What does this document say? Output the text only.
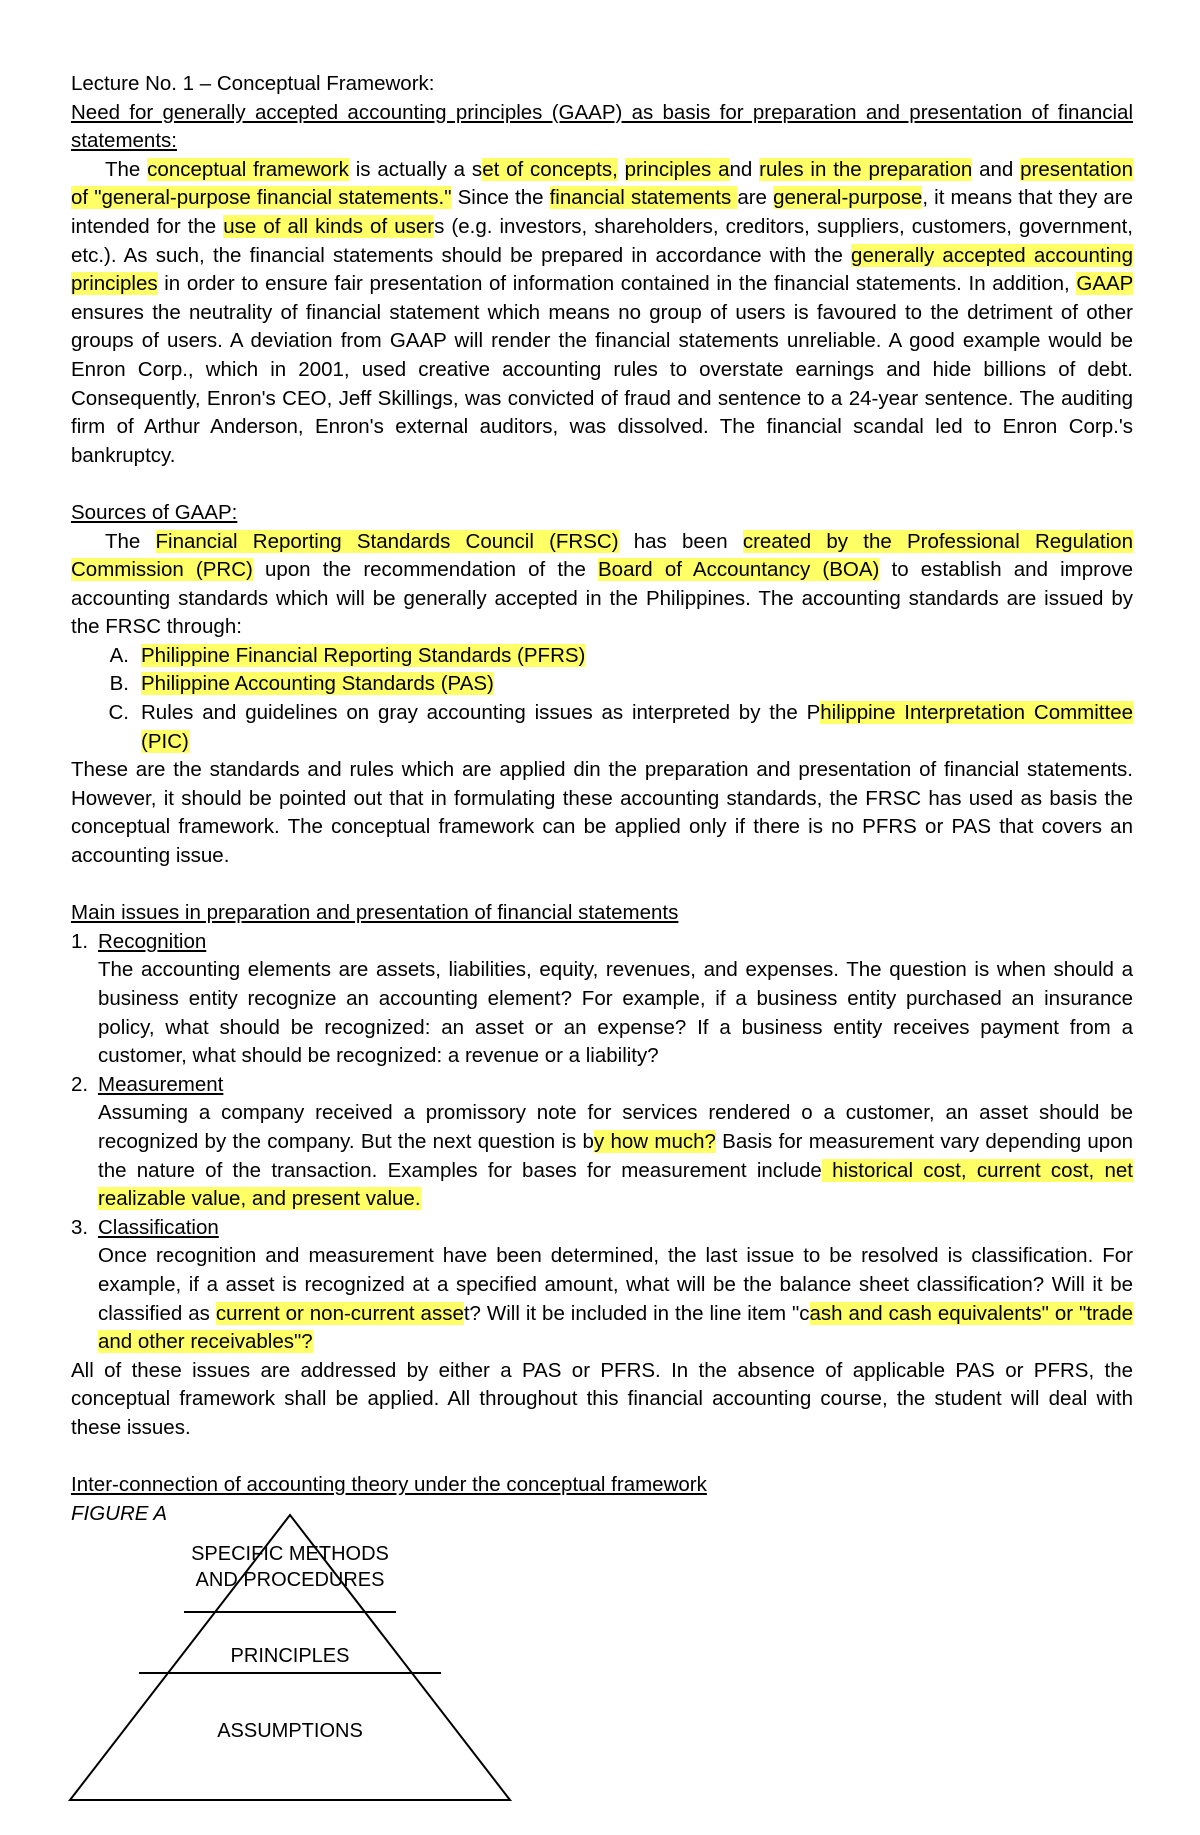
Lecture No. 1 – Conceptual Framework:

Need for generally accepted accounting principles (GAAP) as basis for preparation and presentation of financial statements:

The conceptual framework is actually a set of concepts, principles and rules in the preparation and presentation of "general-purpose financial statements." Since the financial statements are general-purpose, it means that they are intended for the use of all kinds of users (e.g. investors, shareholders, creditors, suppliers, customers, government, etc.). As such, the financial statements should be prepared in accordance with the generally accepted accounting principles in order to ensure fair presentation of information contained in the financial statements. In addition, GAAP ensures the neutrality of financial statement which means no group of users is favoured to the detriment of other groups of users. A deviation from GAAP will render the financial statements unreliable. A good example would be Enron Corp., which in 2001, used creative accounting rules to overstate earnings and hide billions of debt. Consequently, Enron's CEO, Jeff Skillings, was convicted of fraud and sentence to a 24-year sentence. The auditing firm of Arthur Anderson, Enron's external auditors, was dissolved. The financial scandal led to Enron Corp.'s bankruptcy.

Sources of GAAP:

The Financial Reporting Standards Council (FRSC) has been created by the Professional Regulation Commission (PRC) upon the recommendation of the Board of Accountancy (BOA) to establish and improve accounting standards which will be generally accepted in the Philippines. The accounting standards are issued by the FRSC through:

A. Philippine Financial Reporting Standards (PFRS)
B. Philippine Accounting Standards (PAS)
C. Rules and guidelines on gray accounting issues as interpreted by the Philippine Interpretation Committee (PIC)

These are the standards and rules which are applied din the preparation and presentation of financial statements. However, it should be pointed out that in formulating these accounting standards, the FRSC has used as basis the conceptual framework. The conceptual framework can be applied only if there is no PFRS or PAS that covers an accounting issue.

Main issues in preparation and presentation of financial statements

1. Recognition

The accounting elements are assets, liabilities, equity, revenues, and expenses. The question is when should a business entity recognize an accounting element? For example, if a business entity purchased an insurance policy, what should be recognized: an asset or an expense? If a business entity receives payment from a customer, what should be recognized: a revenue or a liability?

2. Measurement

Assuming a company received a promissory note for services rendered o a customer, an asset should be recognized by the company. But the next question is by how much? Basis for measurement vary depending upon the nature of the transaction. Examples for bases for measurement include historical cost, current cost, net realizable value, and present value.

3. Classification

Once recognition and measurement have been determined, the last issue to be resolved is classification. For example, if a asset is recognized at a specified amount, what will be the balance sheet classification? Will it be classified as current or non-current asset? Will it be included in the line item "cash and cash equivalents" or "trade and other receivables"?

All of these issues are addressed by either a PAS or PFRS. In the absence of applicable PAS or PFRS, the conceptual framework shall be applied. All throughout this financial accounting course, the student will deal with these issues.

Inter-connection of accounting theory under the conceptual framework

FIGURE A

SPECIFIC METHODS
AND PROCEDURES
PRINCIPLES
ASSUMPTIONS
